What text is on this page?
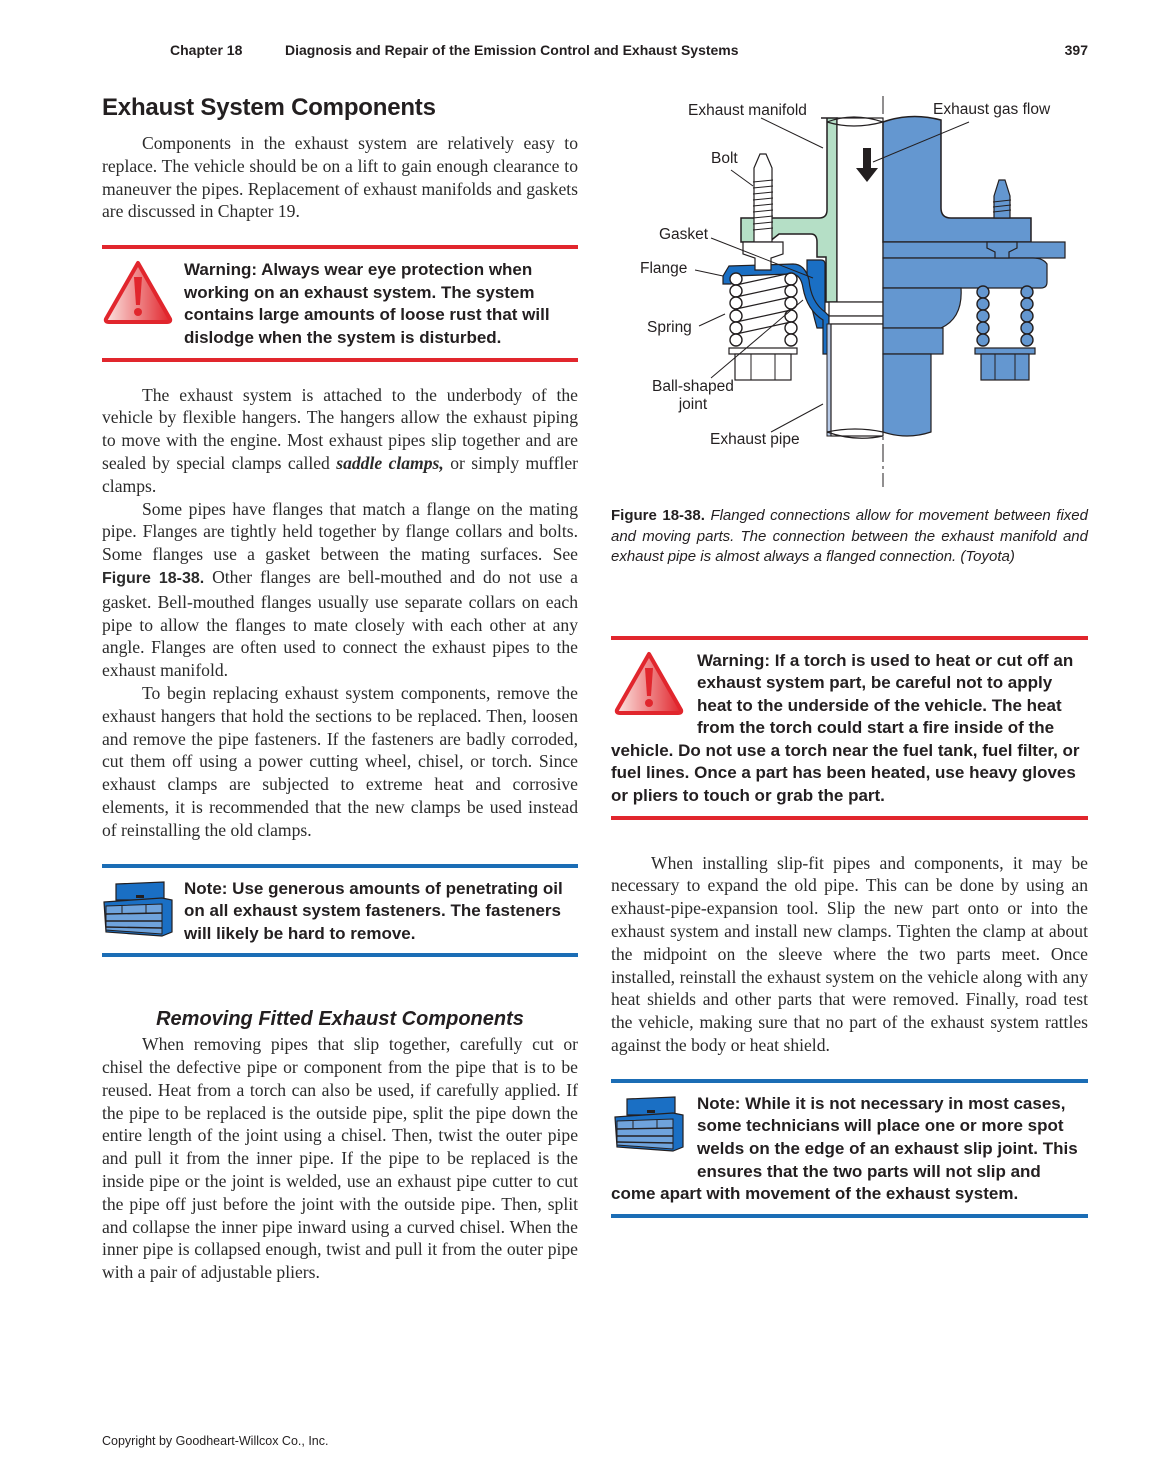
Chapter 18	Diagnosis and Repair of the Emission Control and Exhaust Systems	397
Exhaust System Components

Components in the exhaust system are relatively easy to replace. The vehicle should be on a lift to gain enough clearance to maneuver the pipes. Replacement of exhaust manifolds and gaskets are discussed in Chapter 19.

Warning: Always wear eye protection when working on an exhaust system. The system contains large amounts of loose rust that will dislodge when the system is disturbed.

The exhaust system is attached to the underbody of the vehicle by flexible hangers. The hangers allow the exhaust piping to move with the engine. Most exhaust pipes slip together and are sealed by special clamps called saddle clamps, or simply muffler clamps.

Some pipes have flanges that match a flange on the mating pipe. Flanges are tightly held together by flange collars and bolts. Some flanges use a gasket between the mating surfaces. See Figure 18-38. Other flanges are bell-mouthed and do not use a gasket. Bell-mouthed flanges usually use separate collars on each pipe to allow the flanges to mate closely with each other at any angle. Flanges are often used to connect the exhaust pipes to the exhaust manifold.

To begin replacing exhaust system components, remove the exhaust hangers that hold the sections to be replaced. Then, loosen and remove the pipe fasteners. If the fasteners are badly corroded, cut them off using a power cutting wheel, chisel, or torch. Since exhaust clamps are subjected to extreme heat and corrosive elements, it is recommended that the new clamps be used instead of reinstalling the old clamps.

Note: Use generous amounts of penetrating oil on all exhaust system fasteners. The fasteners will likely be hard to remove.
Removing Fitted Exhaust Components

When removing pipes that slip together, carefully cut or chisel the defective pipe or component from the pipe that is to be reused. Heat from a torch can also be used, if carefully applied. If the pipe to be replaced is the outside pipe, split the pipe down the entire length of the joint using a chisel. Then, twist the outer pipe and pull it from the inner pipe. If the pipe to be replaced is the inside pipe or the joint is welded, use an exhaust pipe cutter to cut the pipe off just before the joint with the outside pipe. Then, split and collapse the inner pipe inward using a curved chisel. When the inner pipe is collapsed enough, twist and pull it from the outer pipe with a pair of adjustable pliers.

Exhaust manifold	Exhaust gas flow
Bolt
Gasket
Flange
Spring
Ball-shaped
joint
Exhaust pipe
Figure 18-38. Flanged connections allow for movement between fixed and moving parts. The connection between the exhaust manifold and exhaust pipe is almost always a flanged connection. (Toyota)
Warning: If a torch is used to heat or cut off an exhaust system part, be careful not to apply heat to the underside of the vehicle. The heat from the torch could start a fire inside of the vehicle. Do not use a torch near the fuel tank, fuel filter, or fuel lines. Once a part has been heated, use heavy gloves or pliers to touch or grab the part.

When installing slip-fit pipes and components, it may be necessary to expand the old pipe. This can be done by using an exhaust-pipe-expansion tool. Slip the new part onto or into the exhaust system and install new clamps. Tighten the clamp at about the midpoint on the sleeve where the two parts meet. Once installed, reinstall the exhaust system on the vehicle along with any heat shields and other parts that were removed. Finally, road test the vehicle, making sure that no part of the exhaust system rattles against the body or heat shield.

Note: While it is not necessary in most cases, some technicians will place one or more spot welds on the edge of an exhaust slip joint. This ensures that the two parts will not slip and come apart with movement of the exhaust system.
Copyright by Goodheart-Willcox Co., Inc.
